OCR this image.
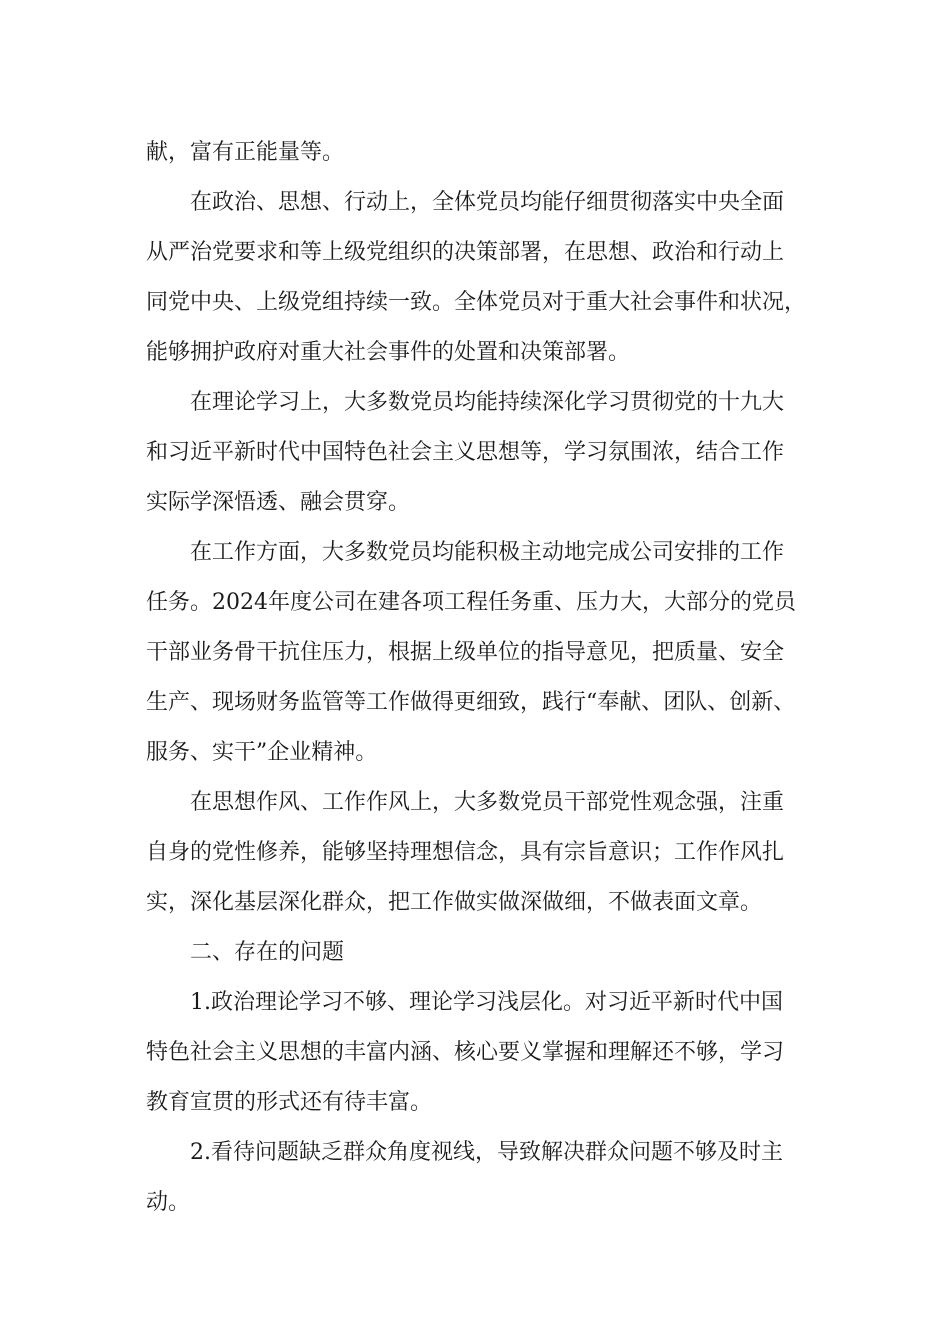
献，富有正能量等。
在政治、思想、行动上，全体党员均能仔细贯彻落实中央全面
从严治党要求和等上级党组织的决策部署，在思想、政治和行动上
同党中央、上级党组持续一致。全体党员对于重大社会事件和状况，
能够拥护政府对重大社会事件的处置和决策部署。
在理论学习上，大多数党员均能持续深化学习贯彻党的十九大
和习近平新时代中国特色社会主义思想等，学习氛围浓，结合工作
实际学深悟透、融会贯穿。
在工作方面，大多数党员均能积极主动地完成公司安排的工作
任务。2024年度公司在建各项工程任务重、压力大，大部分的党员
干部业务骨干抗住压力，根据上级单位的指导意见，把质量、安全
生产、现场财务监管等工作做得更细致，践行“奉献、团队、创新、
服务、实干”企业精神。
在思想作风、工作作风上，大多数党员干部党性观念强，注重
自身的党性修养，能够坚持理想信念，具有宗旨意识；工作作风扎
实，深化基层深化群众，把工作做实做深做细，不做表面文章。
二、存在的问题
1.政治理论学习不够、理论学习浅层化。对习近平新时代中国
特色社会主义思想的丰富内涵、核心要义掌握和理解还不够，学习
教育宣贯的形式还有待丰富。
2.看待问题缺乏群众角度视线，导致解决群众问题不够及时主
动。
